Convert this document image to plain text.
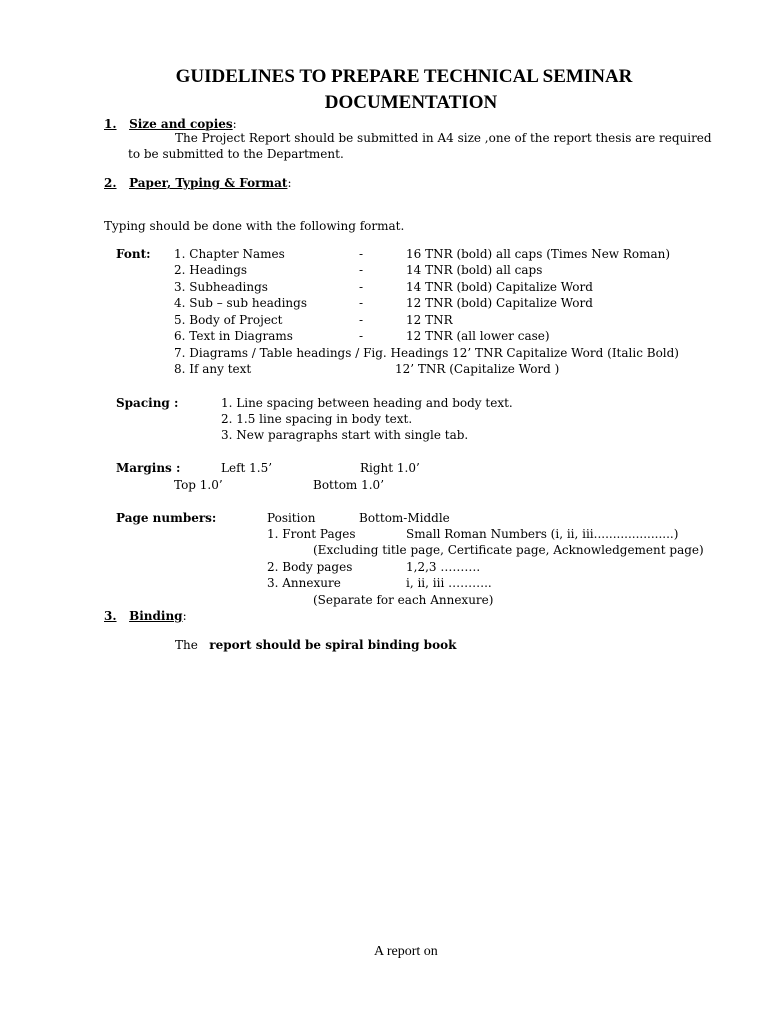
GUIDELINES TO PREPARE TECHNICAL SEMINAR
DOCUMENTATION
1. Size and copies:
The Project Report should be submitted in A4 size ,one of the report thesis are required
to be submitted to the Department.
2. Paper, Typing & Format:
Typing should be done with the following format.
Font: 1. Chapter Names	-	16 TNR (bold) all caps (Times New Roman)
2. Headings	-	14 TNR (bold) all caps
3. Subheadings	-	14 TNR (bold) Capitalize Word
4. Sub – sub headings	-	12 TNR (bold) Capitalize Word
5. Body of Project	-	12 TNR
6. Text in Diagrams	-	12 TNR (all lower case)
7. Diagrams / Table headings / Fig. Headings 12’ TNR Capitalize Word (Italic Bold)
8. If any text	12’ TNR (Capitalize Word )
Spacing :	1. Line spacing between heading and body text.
2. 1.5 line spacing in body text.
3. New paragraphs start with single tab.
Margins :	Left 1.5’	Right 1.0’
Top 1.0’	Bottom 1.0’
Page numbers:	Position	Bottom-Middle
1. Front Pages	Small Roman Numbers (i, ii, iii.....................)
(Excluding title page, Certificate page, Acknowledgement page)
2. Body pages	1,2,3 ……….
3. Annexure	i, ii, iii ………..
(Separate for each Annexure)
3. Binding:
The report should be spiral binding book
A report on
